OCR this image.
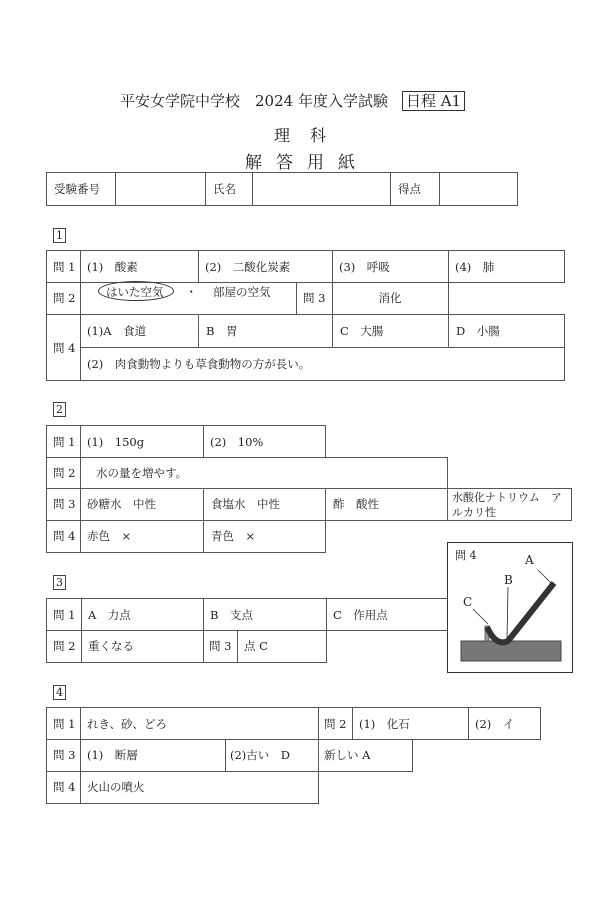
平安女学院中学校　2024 年度入学試験 日程 A1
理科
解答用紙
受験番号	氏名	得点
1
問 1	(1)　酸素	(2)　二酸化炭素	(3)　呼吸	(4)　肺
問 2	はいた空気 ・ 部屋の空気	問 3	消化
問 4
(1)A　食道	B　胃	C　大腸	D　小腸
(2)　肉食動物よりも草食動物の方が長い。
2
問 1	(1)　150g	(2)　10%
問 2	水の量を増やす。
問 3	砂糖水　中性	食塩水　中性	酢　酸性	水酸化ナトリウム　アルカリ性
問 4	赤色　×	青色　×
3
問 1	A　力点	B　支点	C　作用点
問 2	重くなる	問 3	点 C
問 4	A
B
C
4
問 1	れき、砂、どろ	問 2	(1)　化石	(2)　イ
問 3	(1)　断層	(2)古い　D	新しい A
問 4	火山の噴火
